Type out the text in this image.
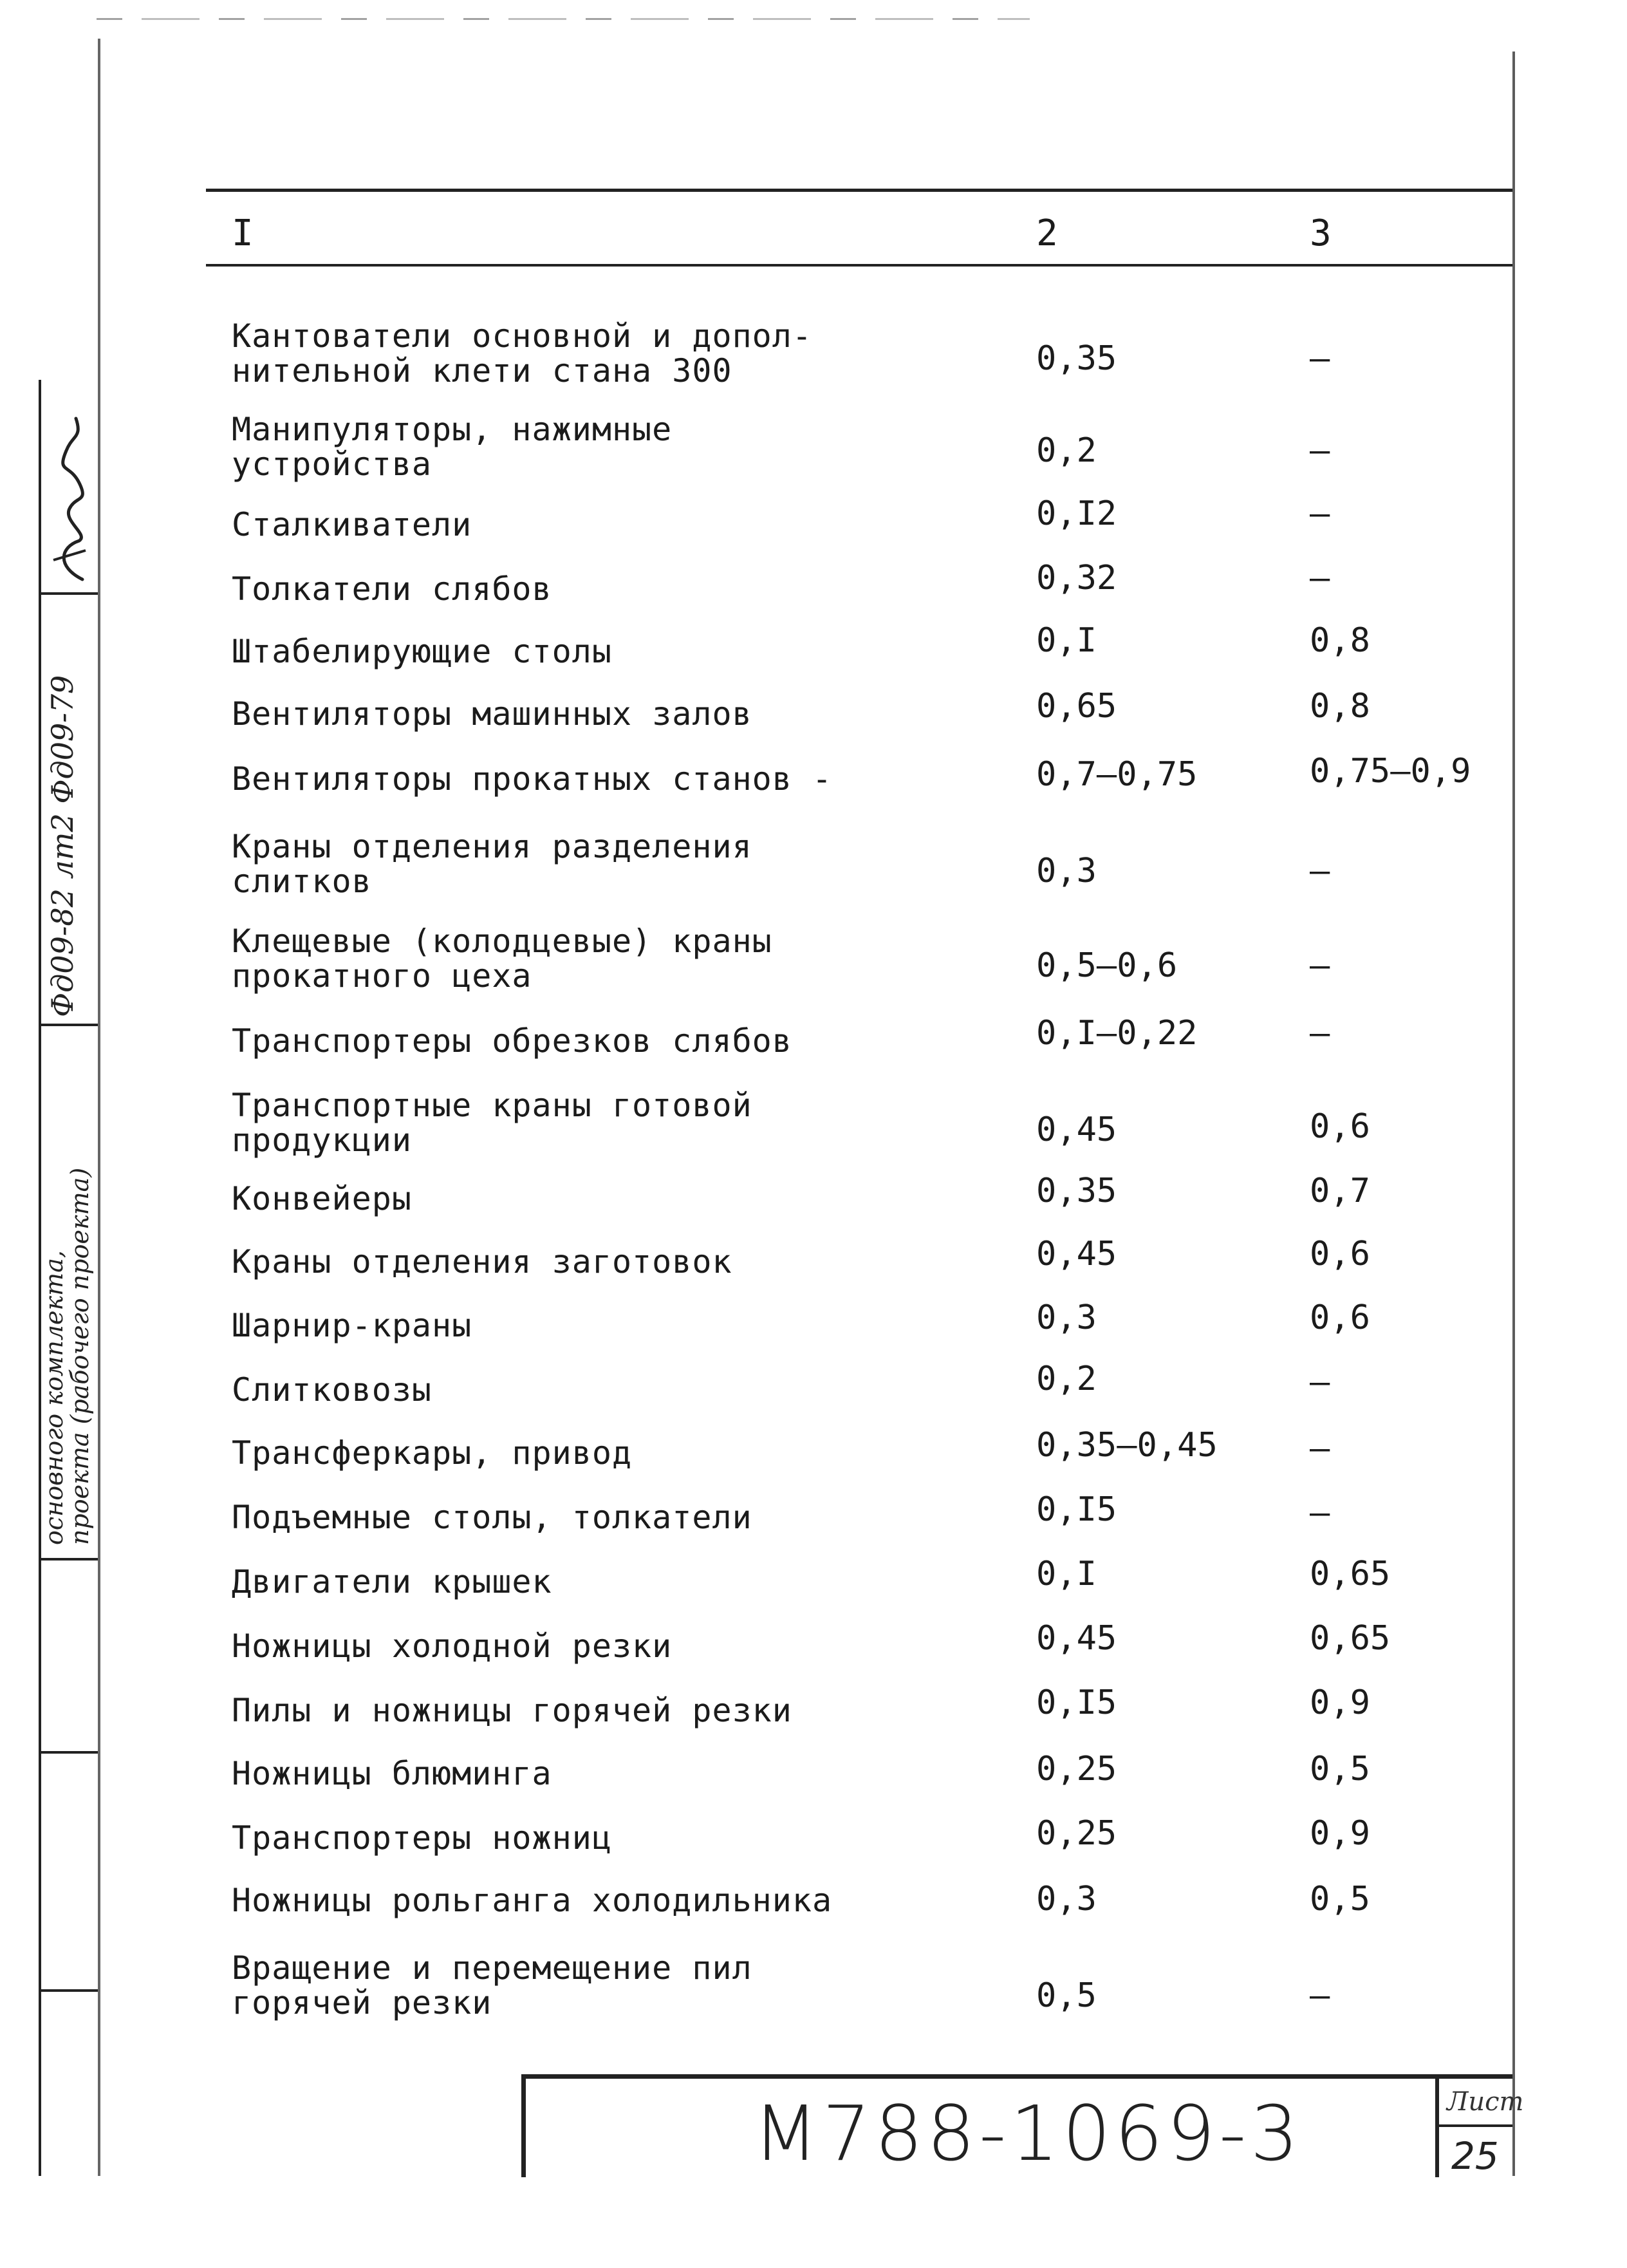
I	2	3
Кантователи основной и допол-
нительной клети стана 300	0,35	–
Манипуляторы, нажимные
устройства	0,2	–
Сталкиватели	0,I2	–
Толкатели слябов	0,32	–
Штабелирующие столы	0,I	0,8
Вентиляторы машинных залов	0,65	0,8
Вентиляторы прокатных станов -	0,7–0,75	0,75–0,9
Краны отделения разделения
слитков	0,3	–
Клещевые (колодцевые) краны
прокатного цеха	0,5–0,6	–
Транспортеры обрезков слябов	0,I–0,22	–
Транспортные краны готовой
продукции	0,45	0,6
Конвейеры	0,35	0,7
Краны отделения заготовок	0,45	0,6
Шарнир-краны	0,3	0,6
Слитковозы	0,2	–
Трансферкары, привод	0,35–0,45	–
Подъемные столы, толкатели	0,I5	–
Двигатели крышек	0,I	0,65
Ножницы холодной резки	0,45	0,65
Пилы и ножницы горячей резки	0,I5	0,9
Ножницы блюминга	0,25	0,5
Транспортеры ножниц	0,25	0,9
Ножницы рольганга холодильника	0,3	0,5
Вращение и перемещение пил
горячей резки	0,5	–
Фд09-82 лт2 Фд09-79
основного комплекта,
проекта (рабочего проекта)
М788-1069-3	Лист
25
